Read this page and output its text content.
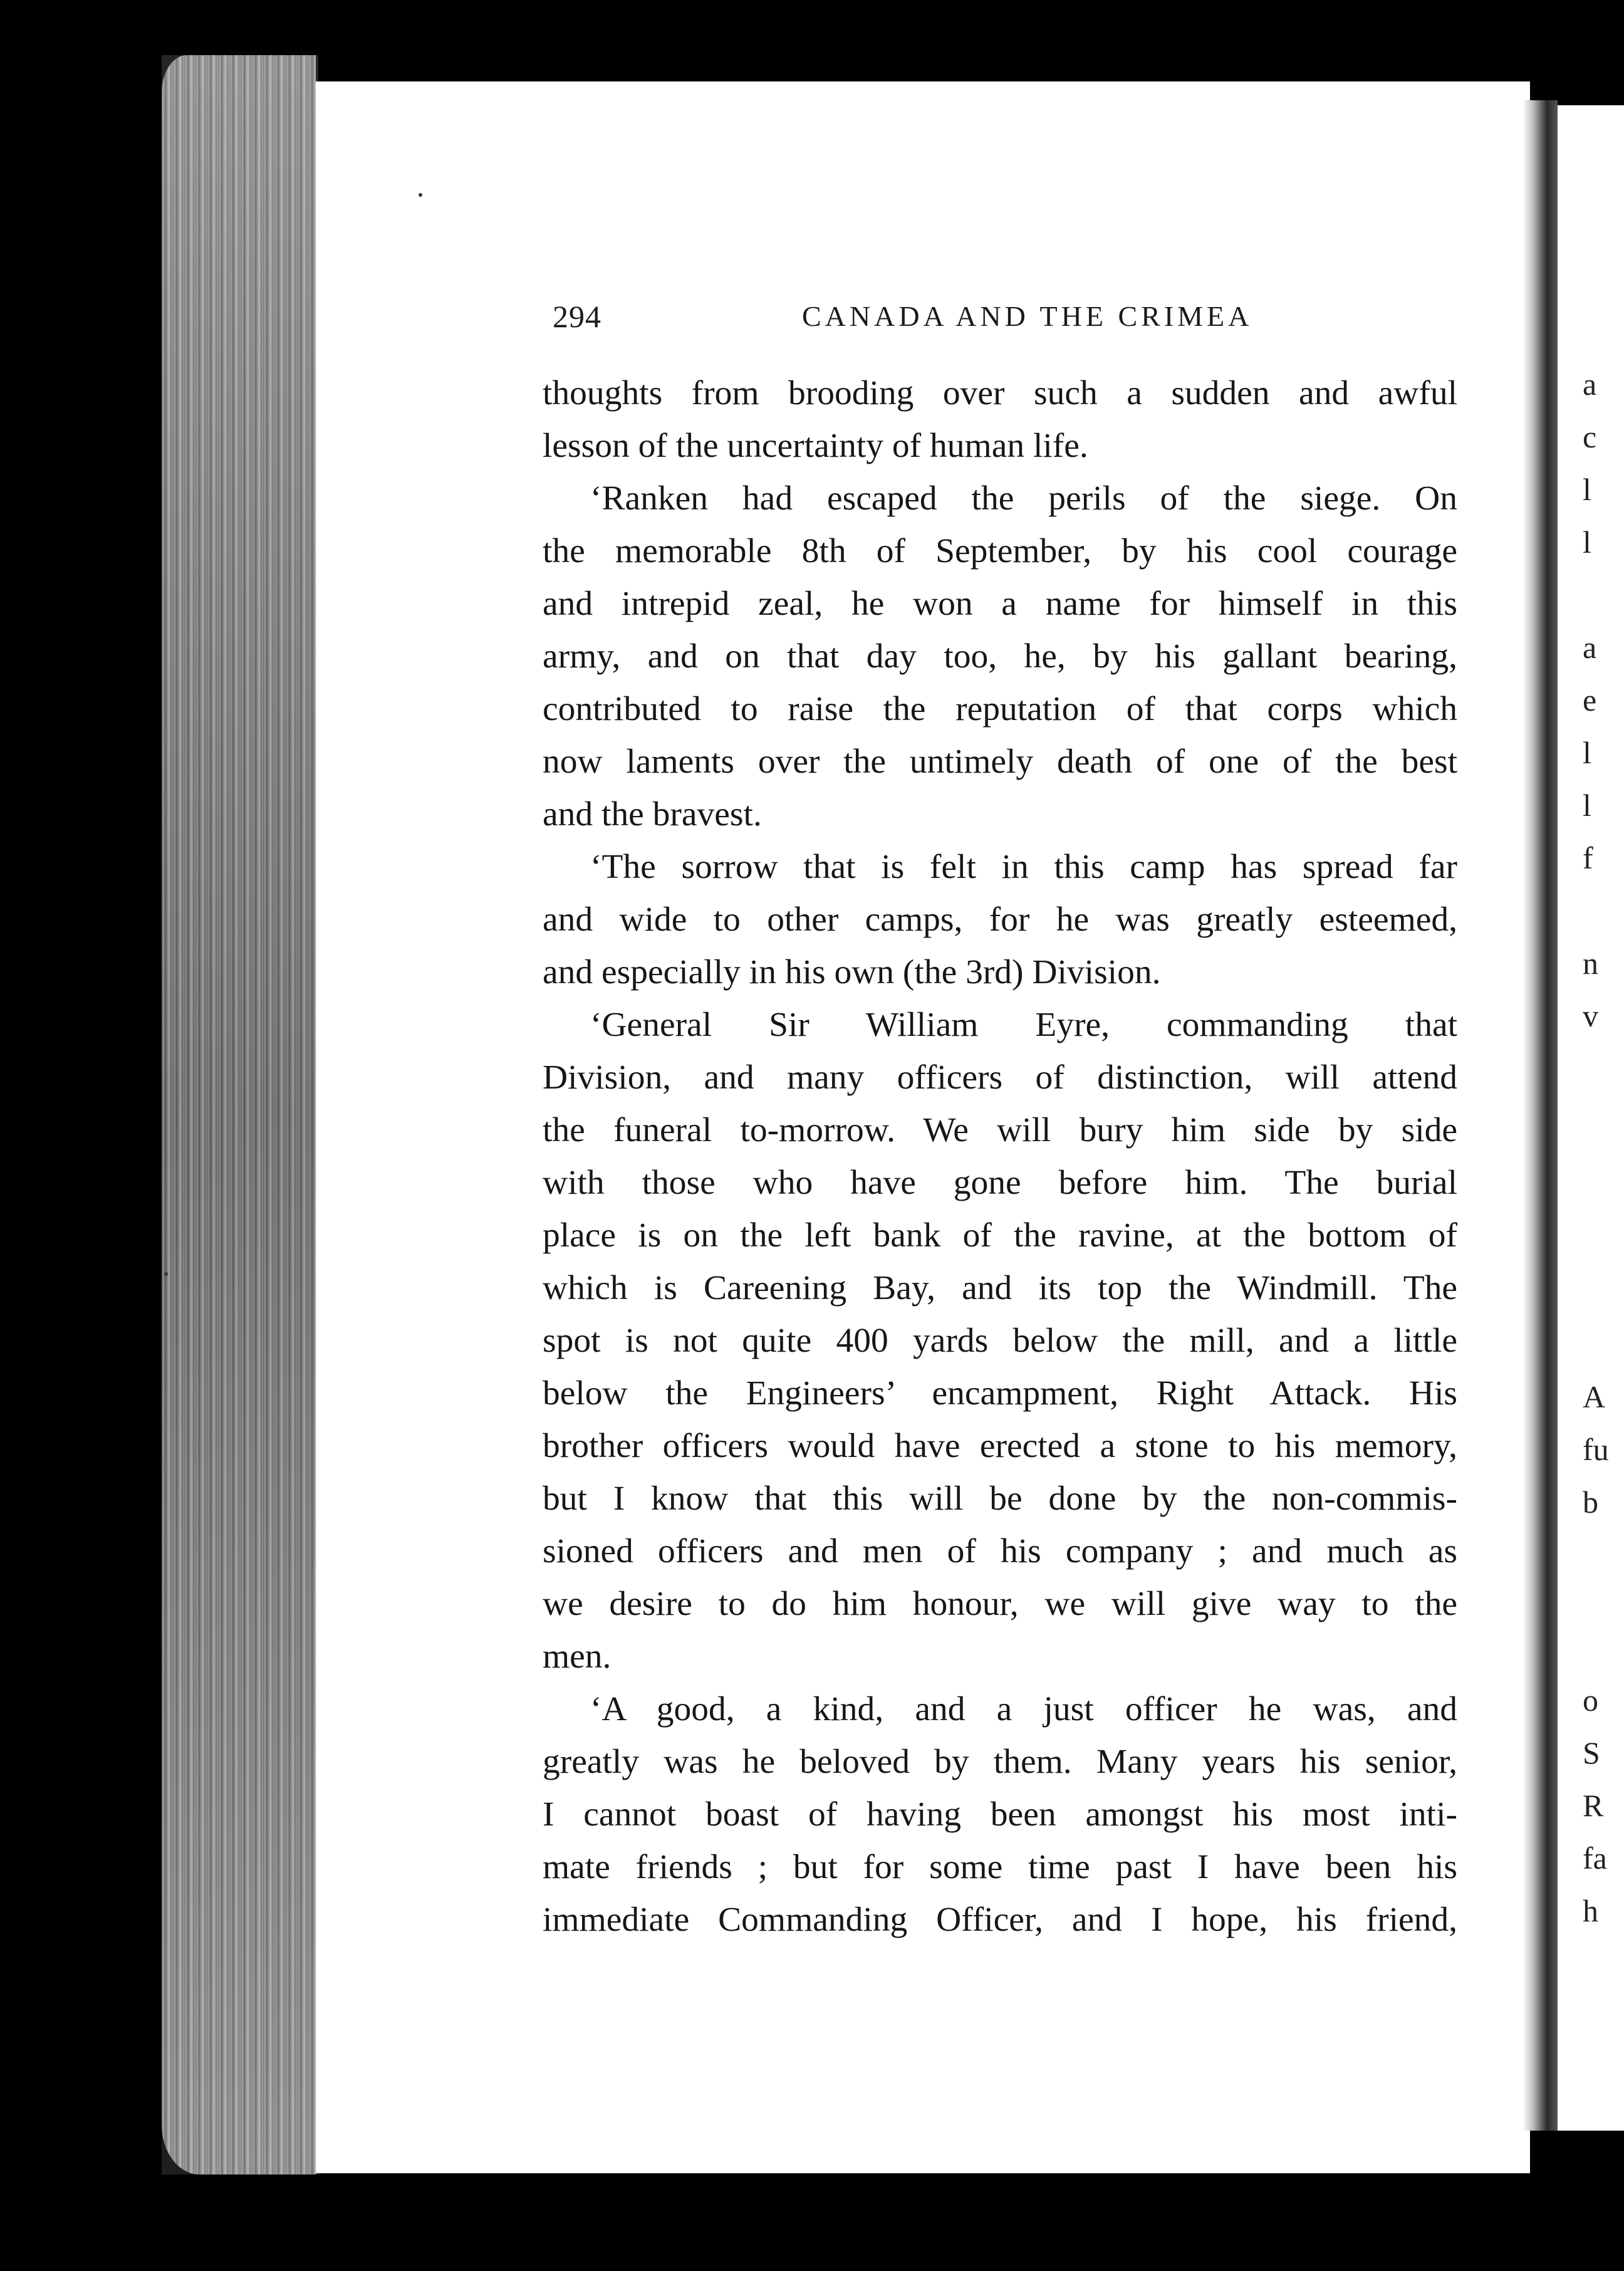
a
c
l
l
a
e
l
l
f
n
v
A
fu
b
o
S
R
fa
h
294	CANADA AND THE CRIMEA
thoughts from brooding over such a sudden and awful
lesson of the uncertainty of human life.
‘Ranken had escaped the perils of the siege. On
the memorable 8th of September, by his cool courage
and intrepid zeal, he won a name for himself in this
army, and on that day too, he, by his gallant bearing,
contributed to raise the reputation of that corps which
now laments over the untimely death of one of the best
and the bravest.
‘The sorrow that is felt in this camp has spread far
and wide to other camps, for he was greatly esteemed,
and especially in his own (the 3rd) Division.
‘General Sir William Eyre, commanding that
Division, and many officers of distinction, will attend
the funeral to-morrow. We will bury him side by side
with those who have gone before him. The burial
place is on the left bank of the ravine, at the bottom of
which is Careening Bay, and its top the Windmill. The
spot is not quite 400 yards below the mill, and a little
below the Engineers’ encampment, Right Attack. His
brother officers would have erected a stone to his memory,
but I know that this will be done by the non-commis-
sioned officers and men of his company ; and much as
we desire to do him honour, we will give way to the
men.
‘A good, a kind, and a just officer he was, and
greatly was he beloved by them. Many years his senior,
I cannot boast of having been amongst his most inti-
mate friends ; but for some time past I have been his
immediate Commanding Officer, and I hope, his friend,
